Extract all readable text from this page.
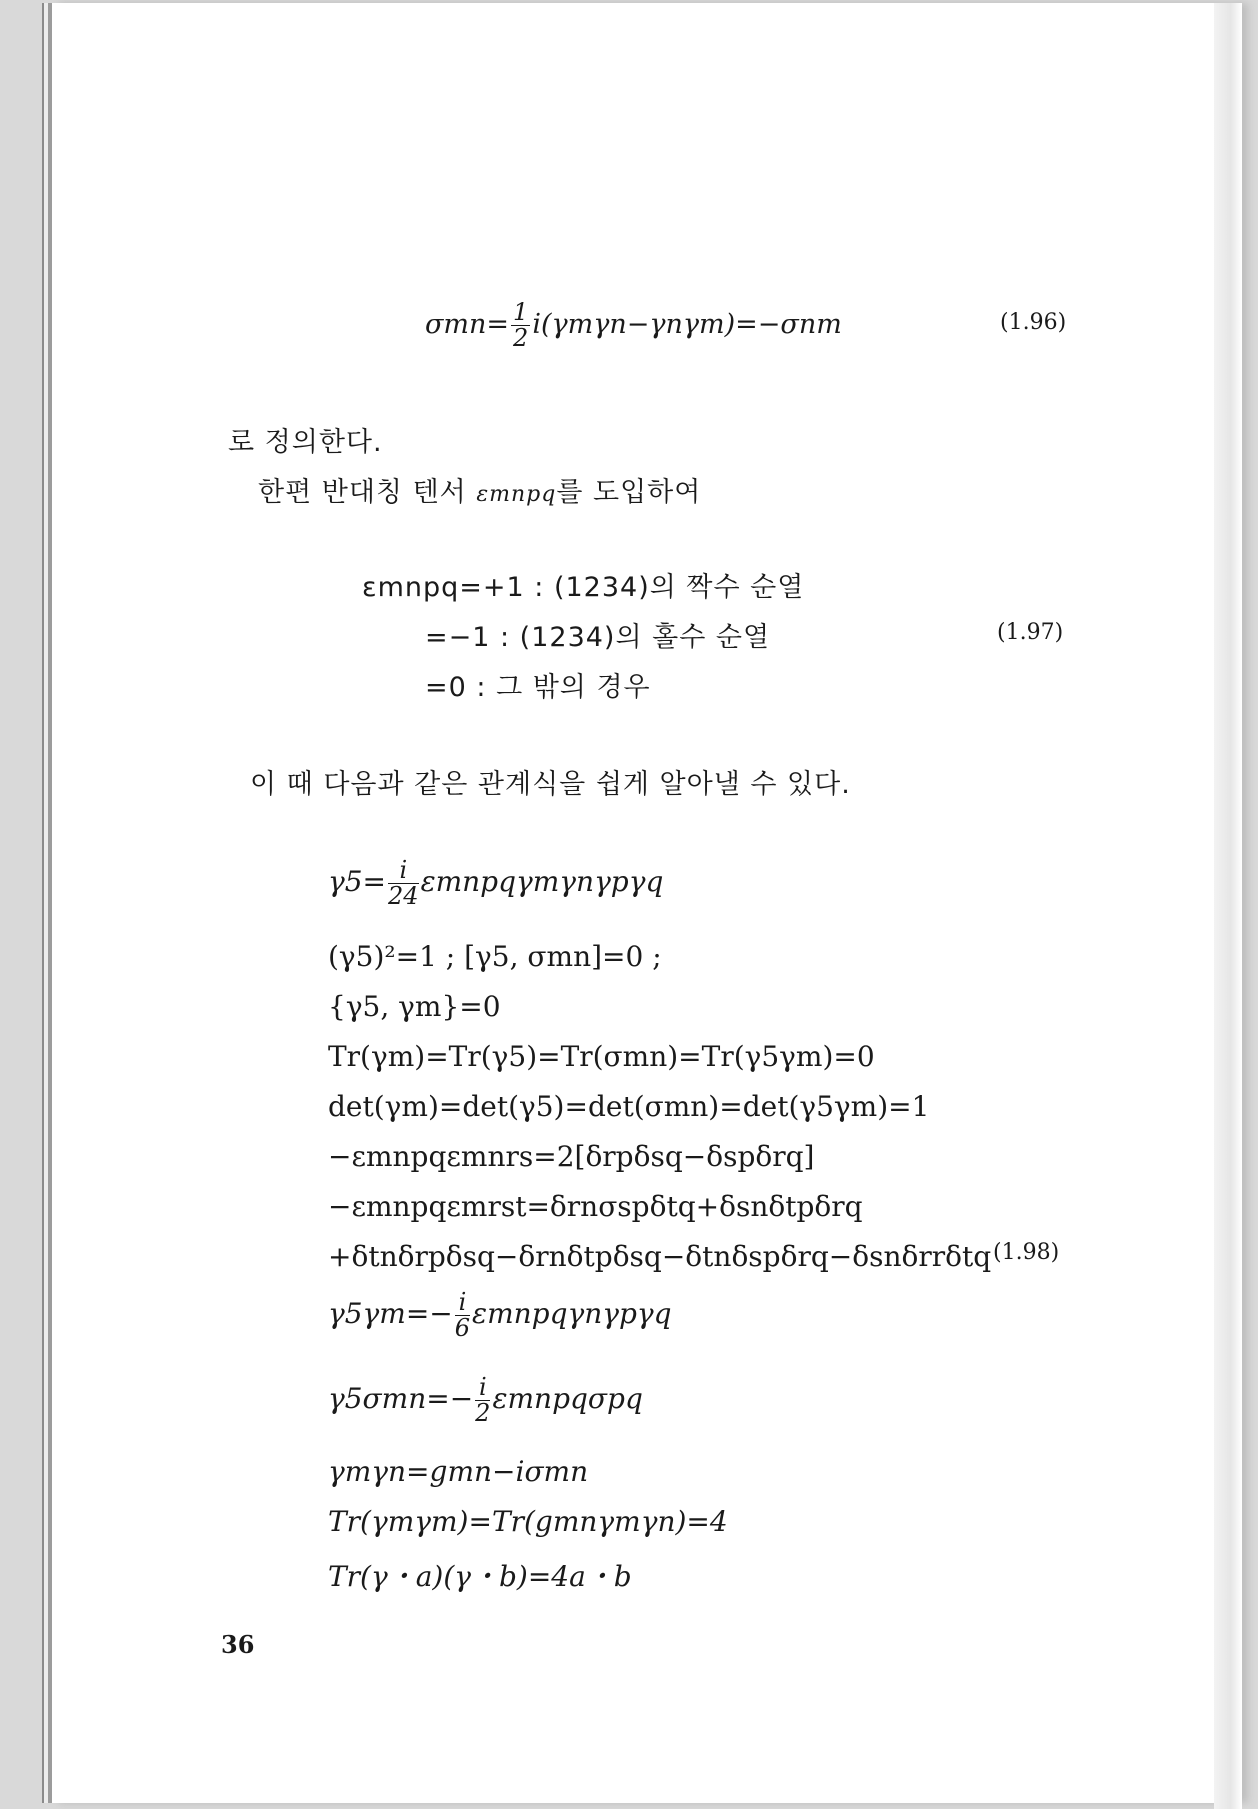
$\sigma mn= \frac{1}{2} i(\gamma m\gamma n-\gamma n\gamma m)=-\sigma nm$	(1.96)
로 정의한다.
한편 반대칭 텐서 εmnpq를 도입하여
εmnpq=+1 : (1234)의 짝수 순열
=−1 : (1234)의 홀수 순열
=0 : 그 밖의 경우
(1.97)
이 때 다음과 같은 관계식을 쉽게 알아낼 수 있다.
$\gamma 5= \frac{i}{24}$ εmnpqγmγnγpγq
(γ5)²=1 ; [γ5, σmn]=0 ;
{γ5, γm}=0
Tr(γm)=Tr(γ5)=Tr(σmn)=Tr(γ5γm)=0
det(γm)=det(γ5)=det(σmn)=det(γ5γm)=1
−εmnpqεmnrs=2[δrpδsq−δspδrq]
−εmnpqεmrst=δrnσspδtq+δsnδtpδrq
+δtnδrpδsq−δrnδtpδsq−δtnδspδrq−δsnδrrδtq (1.98)
$\gamma 5\gamma m=- \frac{i}{6}$ εmnpqγnγpγq
$\gamma 5\sigma mn=- \frac{i}{2}$ εmnpqσpq
γmγn=gmn−iσmn
Tr(γmγm)=Tr(gmnγmγn)=4
Tr(γ・a)(γ・b)=4a・b
36
